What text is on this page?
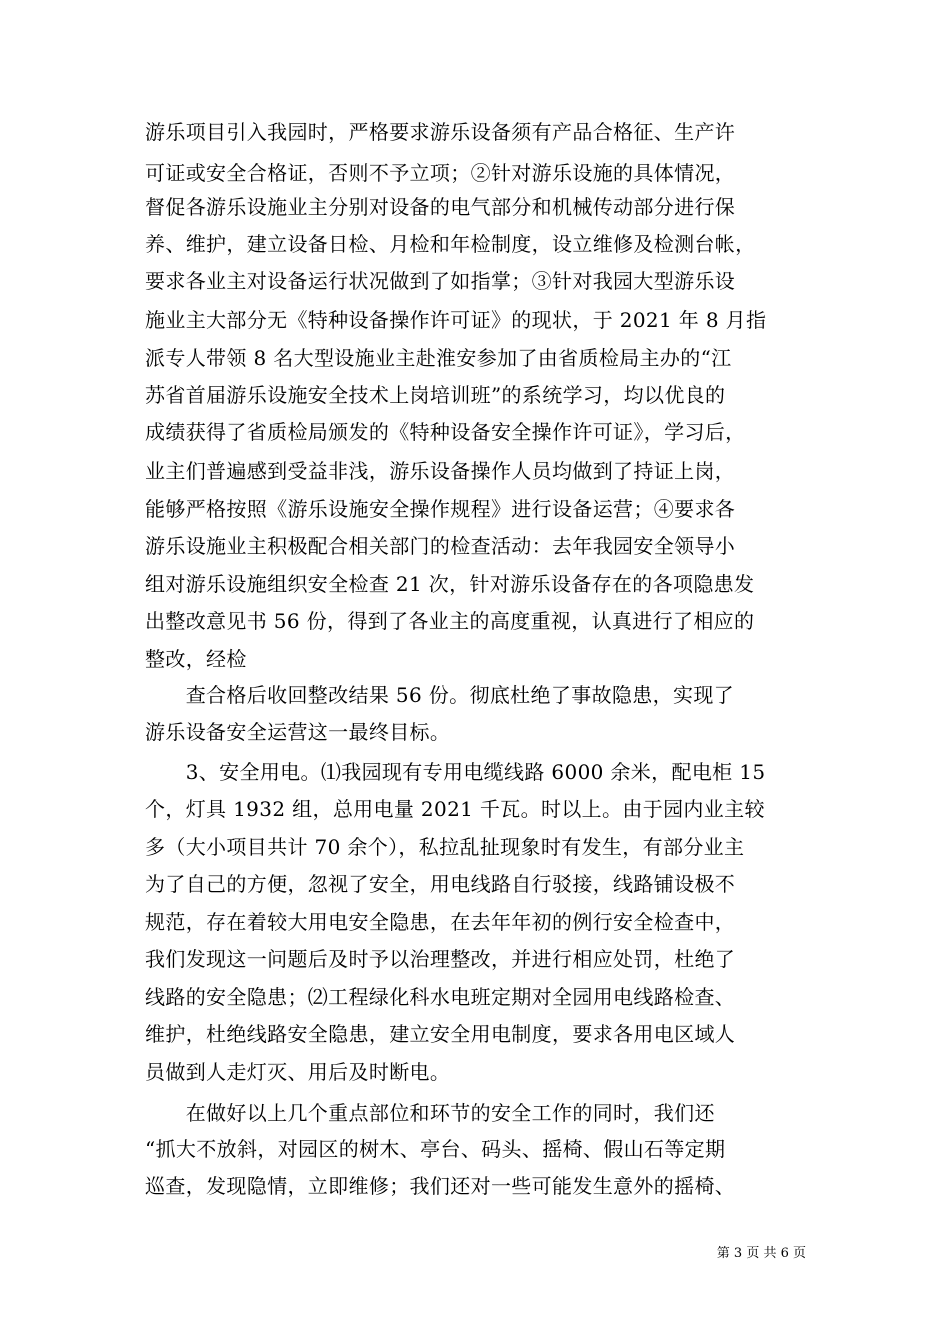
游乐项目引入我园时，严格要求游乐设备须有产品合格征、生产许
可证或安全合格证，否则不予立项；②针对游乐设施的具体情况，
督促各游乐设施业主分别对设备的电气部分和机械传动部分进行保
养、维护，建立设备日检、月检和年检制度，设立维修及检测台帐，
要求各业主对设备运行状况做到了如指掌；③针对我园大型游乐设
施业主大部分无《特种设备操作许可证》的现状，于 2021 年 8 月指
派专人带领 8 名大型设施业主赴淮安参加了由省质检局主办的“江
苏省首届游乐设施安全技术上岗培训班”的系统学习，均以优良的
成绩获得了省质检局颁发的《特种设备安全操作许可证》，学习后，
业主们普遍感到受益非浅，游乐设备操作人员均做到了持证上岗，
能够严格按照《游乐设施安全操作规程》进行设备运营；④要求各
游乐设施业主积极配合相关部门的检查活动：去年我园安全领导小
组对游乐设施组织安全检查 21 次，针对游乐设备存在的各项隐患发
出整改意见书 56 份，得到了各业主的高度重视，认真进行了相应的
整改，经检
　　查合格后收回整改结果 56 份。彻底杜绝了事故隐患，实现了
游乐设备安全运营这一最终目标。
　　3、安全用电。⑴我园现有专用电缆线路 6000 余米，配电柜 15
个，灯具 1932 组，总用电量 2021 千瓦。时以上。由于园内业主较
多（大小项目共计 70 余个），私拉乱扯现象时有发生，有部分业主
为了自己的方便，忽视了安全，用电线路自行驳接，线路铺设极不
规范，存在着较大用电安全隐患，在去年年初的例行安全检查中，
我们发现这一问题后及时予以治理整改，并进行相应处罚，杜绝了
线路的安全隐患；⑵工程绿化科水电班定期对全园用电线路检查、
维护，杜绝线路安全隐患，建立安全用电制度，要求各用电区域人
员做到人走灯灭、用后及时断电。
　　在做好以上几个重点部位和环节的安全工作的同时，我们还
“抓大不放斜，对园区的树木、亭台、码头、摇椅、假山石等定期
巡查，发现隐情，立即维修；我们还对一些可能发生意外的摇椅、
第 3 页 共 6 页
